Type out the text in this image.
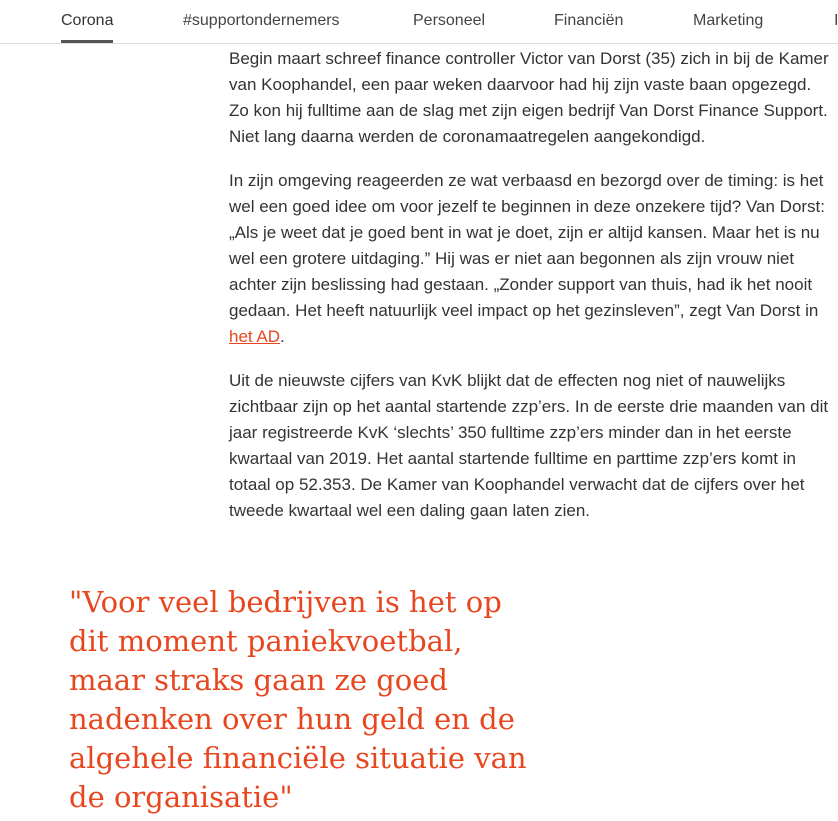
Corona	#supportondernemers	Personeel	Financiën	Marketing

Begin maart schreef finance controller Victor van Dorst (35) zich in bij de Kamer van Koophandel, een paar weken daarvoor had hij zijn vaste baan opgezegd. Zo kon hij fulltime aan de slag met zijn eigen bedrijf Van Dorst Finance Support. Niet lang daarna werden de coronamaatregelen aangekondigd.

In zijn omgeving reageerden ze wat verbaasd en bezorgd over de timing: is het wel een goed idee om voor jezelf te beginnen in deze onzekere tijd? Van Dorst: „Als je weet dat je goed bent in wat je doet, zijn er altijd kansen. Maar het is nu wel een grotere uitdaging.” Hij was er niet aan begonnen als zijn vrouw niet achter zijn beslissing had gestaan. „Zonder support van thuis, had ik het nooit gedaan. Het heeft natuurlijk veel impact op het gezinsleven”, zegt Van Dorst in het AD.

Uit de nieuwste cijfers van KvK blijkt dat de effecten nog niet of nauwelijks zichtbaar zijn op het aantal startende zzp’ers. In de eerste drie maanden van dit jaar registreerde KvK ‘slechts’ 350 fulltime zzp’ers minder dan in het eerste kwartaal van 2019. Het aantal startende fulltime en parttime zzp’ers komt in totaal op 52.353. De Kamer van Koophandel verwacht dat de cijfers over het tweede kwartaal wel een daling gaan laten zien.

"Voor veel bedrijven is het op dit moment paniekvoetbal, maar straks gaan ze goed nadenken over hun geld en de algehele financiële situatie van de organisatie"
